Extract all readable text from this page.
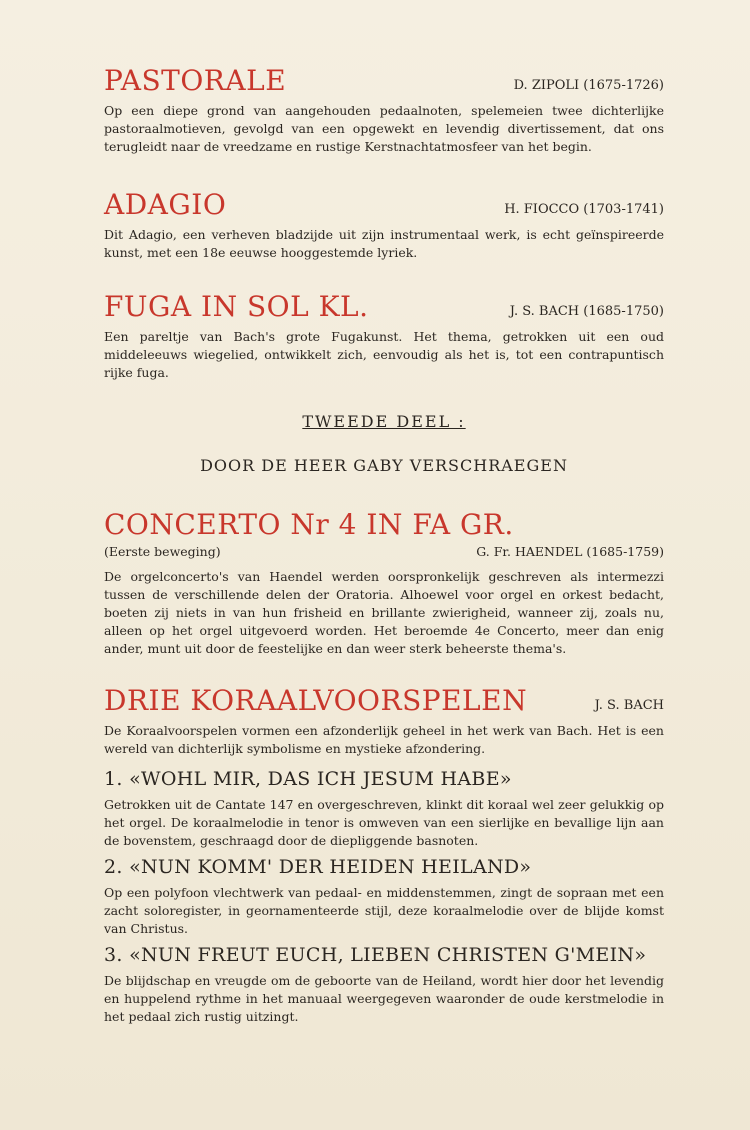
PASTORALE	D. ZIPOLI (1675-1726)
Op een diepe grond van aangehouden pedaalnoten, spelemeien twee dichterlijke pastoraalmotieven, gevolgd van een opgewekt en levendig divertissement, dat ons terugleidt naar de vreedzame en rustige Kerstnachtatmosfeer van het begin.
ADAGIO	H. FIOCCO (1703-1741)
Dit Adagio, een verheven bladzijde uit zijn instrumentaal werk, is echt geïnspireerde kunst, met een 18e eeuwse hooggestemde lyriek.
FUGA IN SOL KL.	J. S. BACH (1685-1750)
Een pareltje van Bach's grote Fugakunst. Het thema, getrokken uit een oud middeleeuws wiegelied, ontwikkelt zich, eenvoudig als het is, tot een contrapuntisch rijke fuga.
TWEEDE DEEL :
DOOR DE HEER GABY VERSCHRAEGEN
CONCERTO Nr 4 IN FA GR.
(Eerste beweging)	G. Fr. HAENDEL (1685-1759)
De orgelconcerto's van Haendel werden oorspronkelijk geschreven als intermezzi tussen de verschillende delen der Oratoria. Alhoewel voor orgel en orkest bedacht, boeten zij niets in van hun frisheid en brillante zwierigheid, wanneer zij, zoals nu, alleen op het orgel uitgevoerd worden. Het beroemde 4e Concerto, meer dan enig ander, munt uit door de feestelijke en dan weer sterk beheerste thema's.
DRIE KORAALVOORSPELEN	J. S. BACH
De Koraalvoorspelen vormen een afzonderlijk geheel in het werk van Bach. Het is een wereld van dichterlijk symbolisme en mystieke afzondering.
1. «WOHL MIR, DAS ICH JESUM HABE»
Getrokken uit de Cantate 147 en overgeschreven, klinkt dit koraal wel zeer gelukkig op het orgel. De koraalmelodie in tenor is omweven van een sierlijke en bevallige lijn aan de bovenstem, geschraagd door de diepliggende basnoten.
2. «NUN KOMM' DER HEIDEN HEILAND»
Op een polyfoon vlechtwerk van pedaal- en middenstemmen, zingt de sopraan met een zacht soloregister, in geornamenteerde stijl, deze koraalmelodie over de blijde komst van Christus.
3. «NUN FREUT EUCH, LIEBEN CHRISTEN G'MEIN»
De blijdschap en vreugde om de geboorte van de Heiland, wordt hier door het levendig en huppelend rythme in het manuaal weergegeven waaronder de oude kerstmelodie in het pedaal zich rustig uitzingt.
